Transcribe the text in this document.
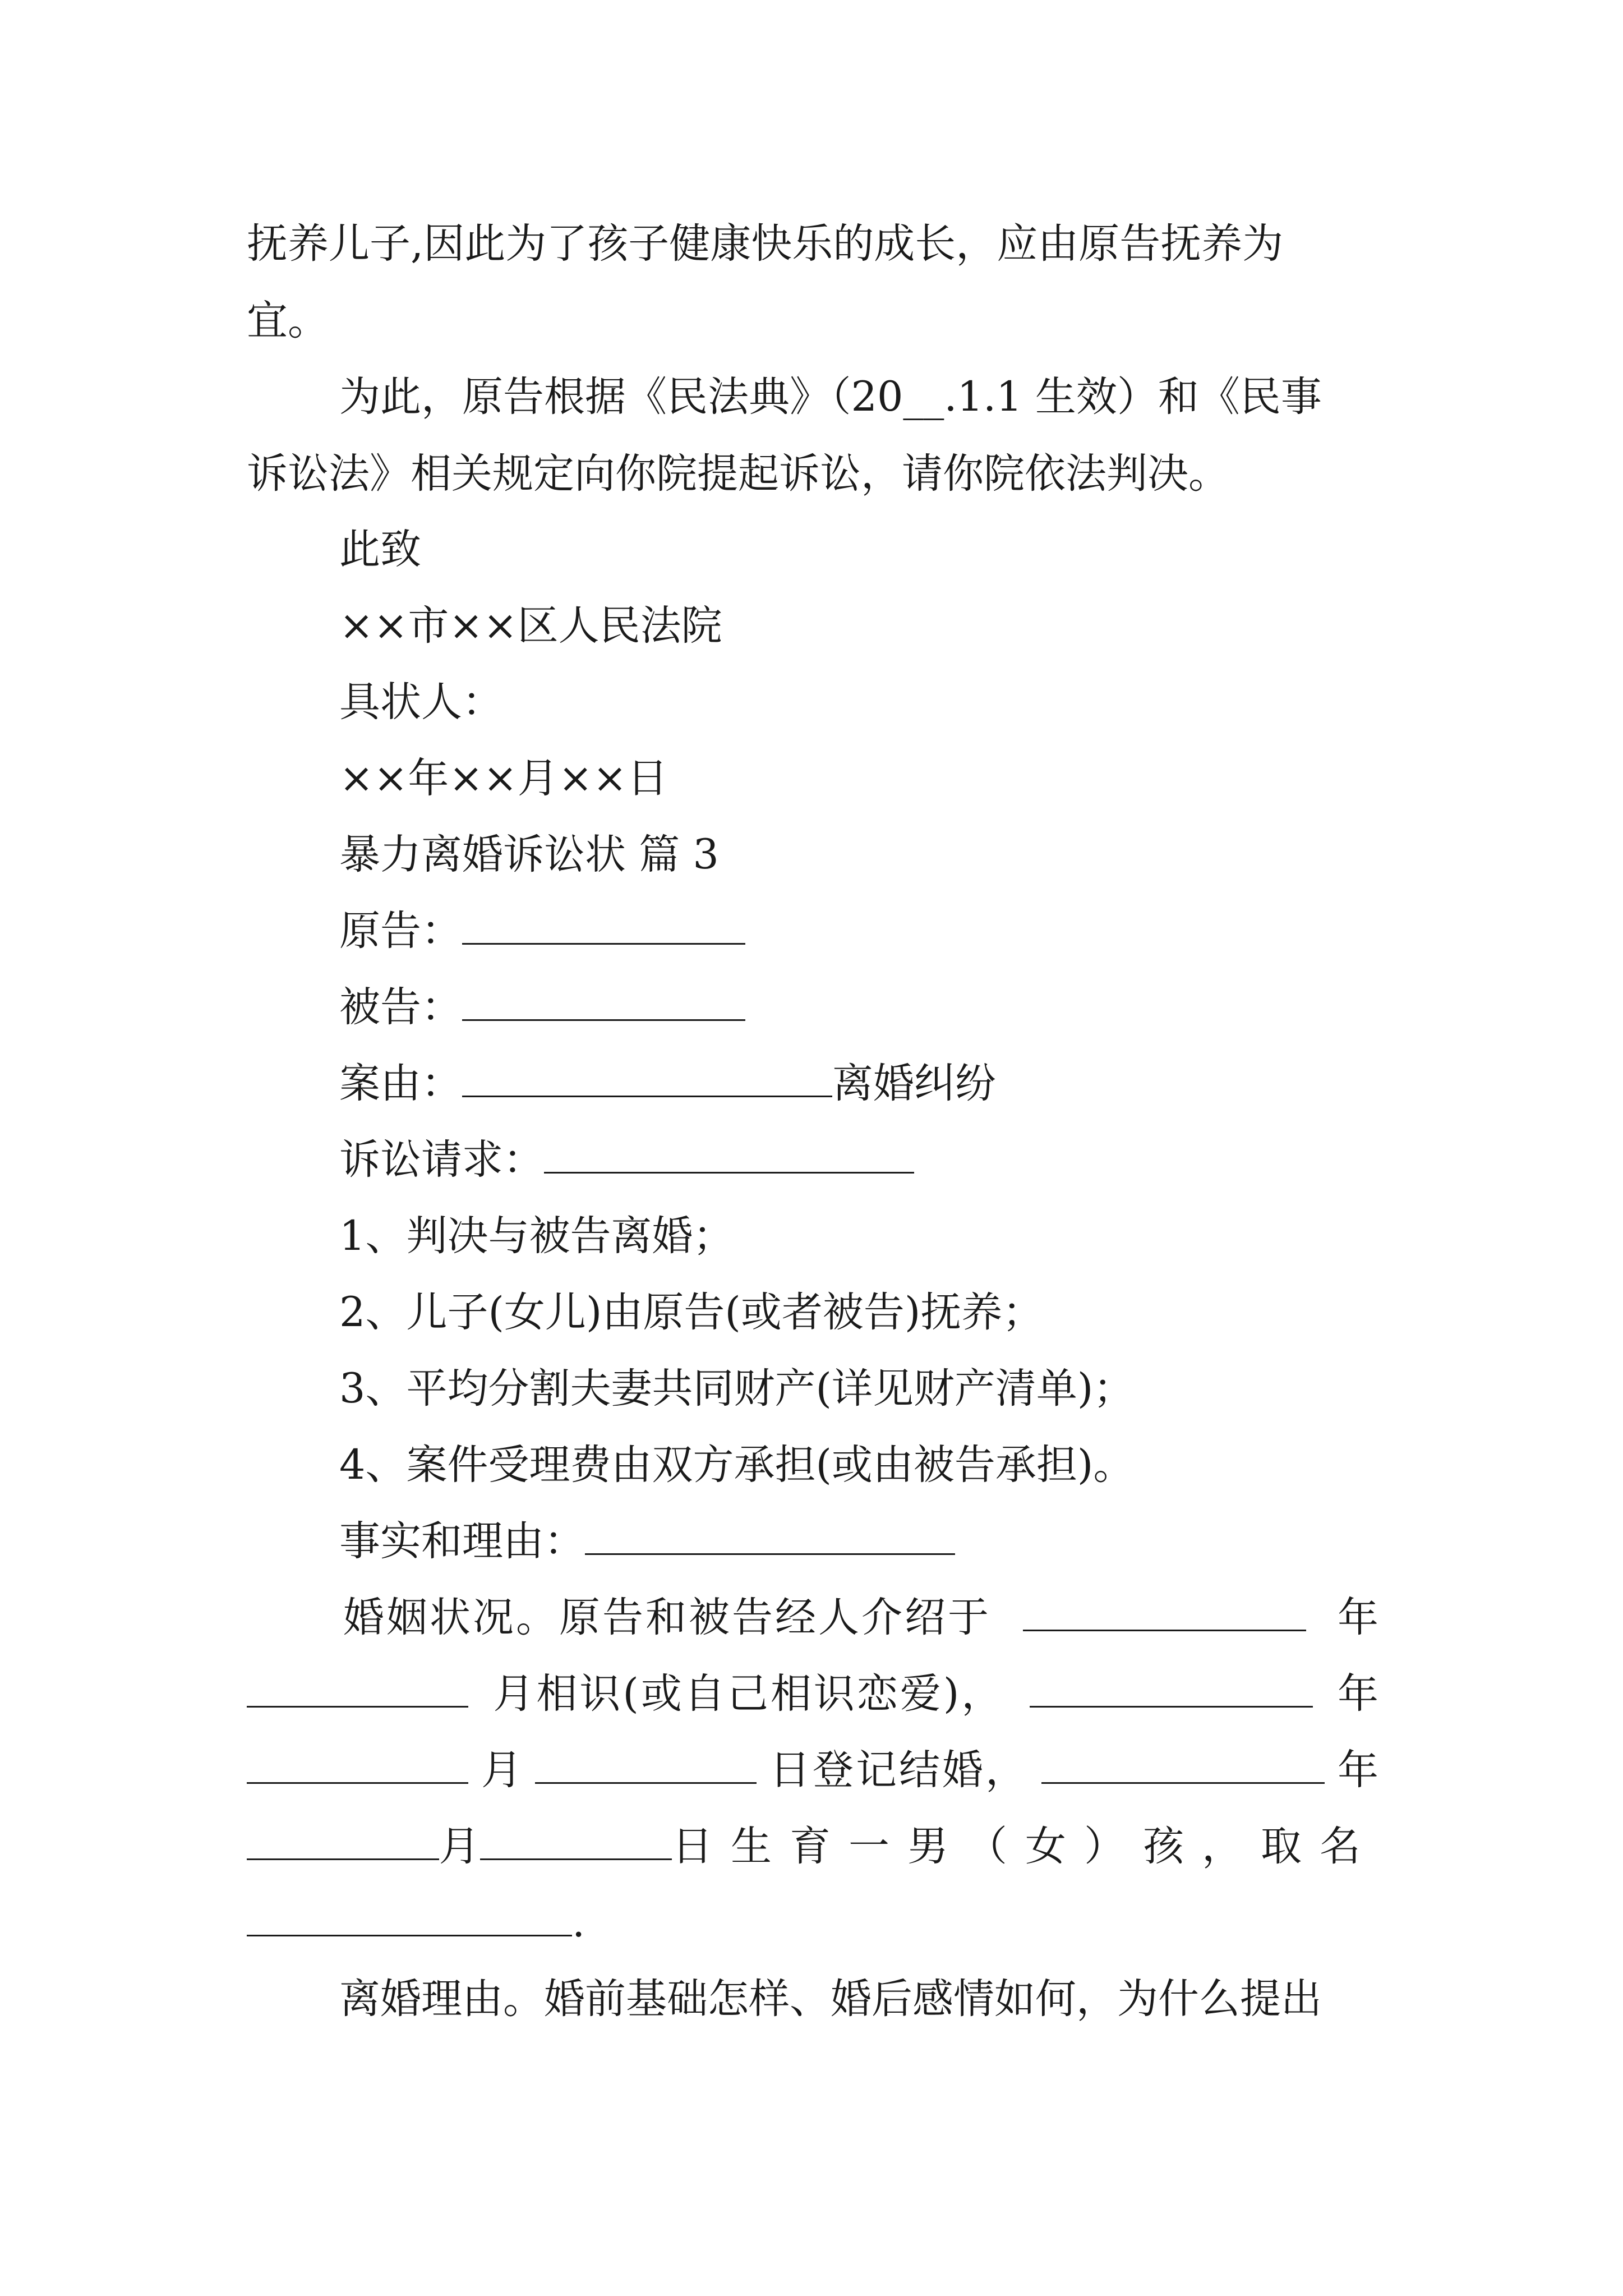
抚养儿子,因此为了孩子健康快乐的成长，应由原告抚养为
宜。
为此，原告根据《民法典》（20__.1.1 生效）和《民事
诉讼法》相关规定向你院提起诉讼，请你院依法判决。
此致
××市××区人民法院
具状人：
××年××月××日
暴力离婚诉讼状 篇 3
原告：
被告：
案由：	离婚纠纷
诉讼请求：
1、判决与被告离婚；
2、儿子(女儿)由原告(或者被告)抚养；
3、平均分割夫妻共同财产(详见财产清单)；
4、案件受理费由双方承担(或由被告承担)。
事实和理由：
婚姻状况。原告和被告经人介绍于	年
月相识(或自己相识恋爱)，	年
月	日登记结婚，	年
月	日生育一男（女）孩，取名
.
离婚理由。婚前基础怎样、婚后感情如何，为什么提出
